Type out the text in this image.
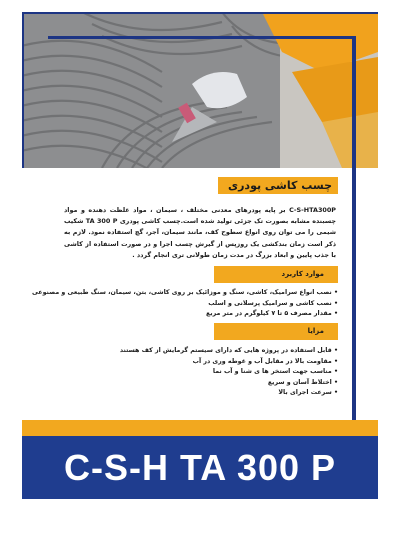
چسب کاشی پودری
C-S-HTA300P بر پایه پودرهای معدنی مختلف ، سیمان ، مواد غلظت دهنده و مواد چسبنده مشابه بصورت تک جزئی تولید شده است.چسب کاشی پودری TA 300 P شکیب شیمی را می توان روی انواع سطوح کف، مانند سیمان، آجر، گچ استفاده نمود. لازم به ذکر است زمان بندکشی یک روزپس از گیرش چسب اجرا و در صورت استفاده از کاشی با جذب پایین و ابعاد بزرگ در مدت زمان طولانی تری انجام گردد .
موارد کاربرد
• نصب انواع سرامیک، کاشی، سنگ و موزائیک بر روی کاشی، بتن، سیمان، سنگ طبیعی و مصنوعی
• نصب کاشی و سرامیک پرسلانی و اسلب
• مقدار مصرف ۵ تا ۷ کیلوگرم در متر مربع
مزایا
• قابل استفاده در پروژه هایی که دارای سیستم گرمایش از کف هستند
• مقاومت بالا در مقابل آب و غوطه وری در آب
• مناسب جهت استخر ها ی شنا و آب نما
• اختلاط آسان و سریع
• سرعت اجرای بالا
C-S-H TA 300 P
